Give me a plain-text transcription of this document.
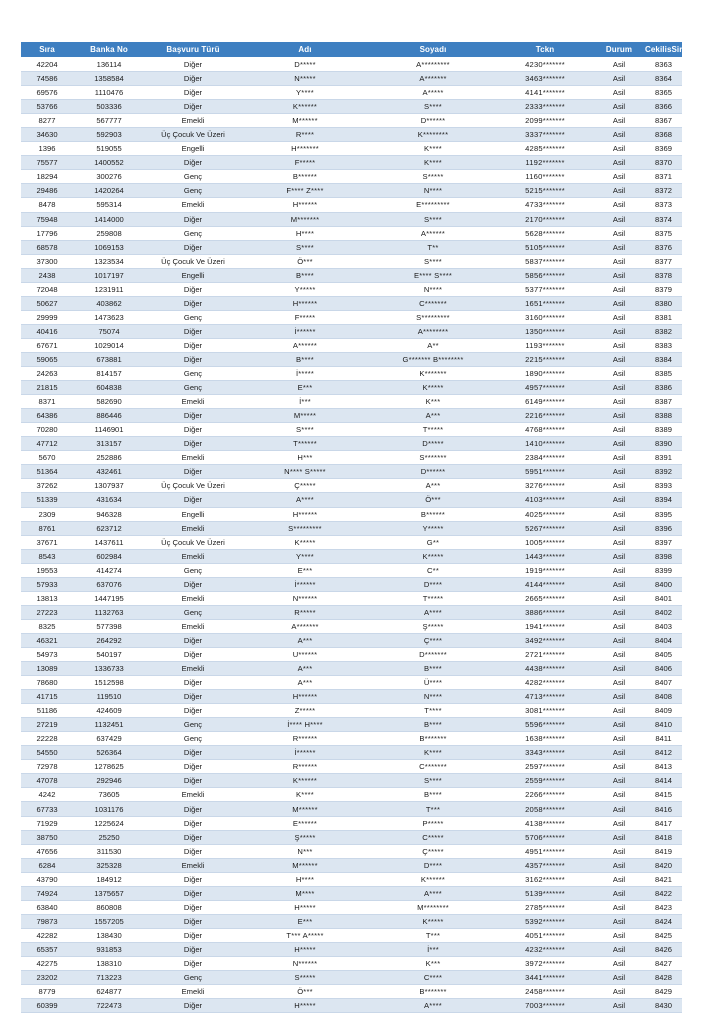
Sıra	Banka No	Başvuru Türü	Adı	Soyadı	Tckn	Durum	CekilisSiraNo
42204	136114	Diğer	D*****	A*********	4230*******	Asil	8363
74586	1358584	Diğer	N*****	A*******	3463*******	Asil	8364
69576	1110476	Diğer	Y****	A*****	4141*******	Asil	8365
53766	503336	Diğer	K******	S****	2333*******	Asil	8366
8277	567777	Emekli	M******	D******	2099*******	Asil	8367
34630	592903	Üç Çocuk Ve Üzeri	R****	K********	3337*******	Asil	8368
1396	519055	Engelli	H*******	K****	4285*******	Asil	8369
75577	1400552	Diğer	F*****	K****	1192*******	Asil	8370
18294	300276	Genç	B******	S*****	1160*******	Asil	8371
29486	1420264	Genç	F**** Z****	N****	5215*******	Asil	8372
8478	595314	Emekli	H******	E*********	4733*******	Asil	8373
75948	1414000	Diğer	M*******	S****	2170*******	Asil	8374
17796	259808	Genç	H****	A******	5628*******	Asil	8375
68578	1069153	Diğer	S****	T**	5105*******	Asil	8376
37300	1323534	Üç Çocuk Ve Üzeri	Ö***	S****	5837*******	Asil	8377
2438	1017197	Engelli	B****	E**** S****	5856*******	Asil	8378
72048	1231911	Diğer	Y*****	N****	5377*******	Asil	8379
50627	403862	Diğer	H******	C*******	1651*******	Asil	8380
29999	1473623	Genç	F*****	S*********	3160*******	Asil	8381
40416	75074	Diğer	İ******	A********	1350*******	Asil	8382
67671	1029014	Diğer	A******	A**	1193*******	Asil	8383
59065	673881	Diğer	B****	G******* B********	2215*******	Asil	8384
24263	814157	Genç	İ*****	K*******	1890*******	Asil	8385
21815	604838	Genç	E***	K*****	4957*******	Asil	8386
8371	582690	Emekli	İ***	K***	6149*******	Asil	8387
64386	886446	Diğer	M*****	A***	2216*******	Asil	8388
70280	1146901	Diğer	S****	T*****	4768*******	Asil	8389
47712	313157	Diğer	T******	D*****	1410*******	Asil	8390
5670	252886	Emekli	H***	S*******	2384*******	Asil	8391
51364	432461	Diğer	N**** S*****	D******	5951*******	Asil	8392
37262	1307937	Üç Çocuk Ve Üzeri	Ç*****	A***	3276*******	Asil	8393
51339	431634	Diğer	A****	Ö***	4103*******	Asil	8394
2309	946328	Engelli	H******	B******	4025*******	Asil	8395
8761	623712	Emekli	S*********	Y*****	5267*******	Asil	8396
37671	1437611	Üç Çocuk Ve Üzeri	K*****	G**	1005*******	Asil	8397
8543	602984	Emekli	Y****	K*****	1443*******	Asil	8398
19553	414274	Genç	E***	C**	1919*******	Asil	8399
57933	637076	Diğer	İ******	D****	4144*******	Asil	8400
13813	1447195	Emekli	N******	T*****	2665*******	Asil	8401
27223	1132763	Genç	R*****	A****	3886*******	Asil	8402
8325	577398	Emekli	A*******	Ş*****	1941*******	Asil	8403
46321	264292	Diğer	A***	Ç****	3492*******	Asil	8404
54973	540197	Diğer	U******	D*******	2721*******	Asil	8405
13089	1336733	Emekli	A***	B****	4438*******	Asil	8406
78680	1512598	Diğer	A***	Ü****	4282*******	Asil	8407
41715	119510	Diğer	H******	N****	4713*******	Asil	8408
51186	424609	Diğer	Z*****	T****	3081*******	Asil	8409
27219	1132451	Genç	İ**** H****	B****	5596*******	Asil	8410
22228	637429	Genç	R******	B*******	1638*******	Asil	8411
54550	526364	Diğer	İ******	K****	3343*******	Asil	8412
72978	1278625	Diğer	R******	C*******	2597*******	Asil	8413
47078	292946	Diğer	K******	S****	2559*******	Asil	8414
4242	73605	Emekli	K****	B****	2266*******	Asil	8415
67733	1031176	Diğer	M******	T***	2058*******	Asil	8416
71929	1225624	Diğer	E******	P*****	4138*******	Asil	8417
38750	25250	Diğer	Ş*****	C*****	5706*******	Asil	8418
47656	311530	Diğer	N***	Ç*****	4951*******	Asil	8419
6284	325328	Emekli	M******	D****	4357*******	Asil	8420
43790	184912	Diğer	H****	K******	3162*******	Asil	8421
74924	1375657	Diğer	M****	A****	5139*******	Asil	8422
63840	860808	Diğer	H*****	M********	2785*******	Asil	8423
79873	1557205	Diğer	E***	K*****	5392*******	Asil	8424
42282	138430	Diğer	T*** A*****	T***	4051*******	Asil	8425
65357	931853	Diğer	H*****	İ***	4232*******	Asil	8426
42275	138310	Diğer	N******	K***	3972*******	Asil	8427
23202	713223	Genç	S*****	C****	3441*******	Asil	8428
8779	624877	Emekli	Ö***	B*******	2458*******	Asil	8429
60399	722473	Diğer	H*****	A****	7003*******	Asil	8430
